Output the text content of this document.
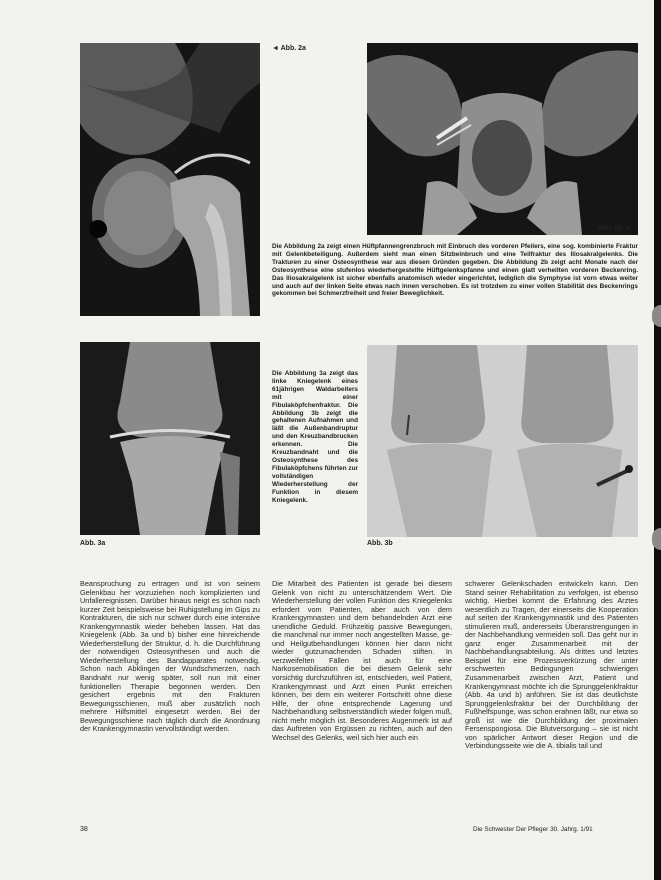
◄ Abb. 2a
Abb. 2b ►
Die Abbildung 2a zeigt einen Hüftpfannengrenzbruch mit Einbruch des vorderen Pfeilers, eine sog. kombinierte Fraktur mit Gelenkbeteiligung. Außerdem sieht man einen Sitzbeinbruch und eine Teilfraktur des Iliosakralgelenks. Die Trakturen zu einer Osteosynthese war aus diesen Gründen gegeben. Die Abbildung 2b zeigt acht Monate nach der Osteosynthese eine stufenlos wiederhergestellte Hüftgelenkspfanne und einen glatt verheilten vorderen Beckenring. Das Iliosakralgelenk ist sicher ebenfalls anatomisch wieder eingerichtet, lediglich die Symphyse ist vorn etwas weiter und auch auf der linken Seite etwas nach innen verschoben. Es ist trotzdem zu einer vollen Stabilität des Beckenrings gekommen bei Schmerzfreiheit und freier Beweglichkeit.
Abb. 3a
Die Abbildung 3a zeigt das linke Kniegelenk eines 61jährigen Waldarbeiters mit einer Fibulaköpfchenfraktur. Die Abbildung 3b zeigt die gehaltenen Aufnahmen und läßt die Außenbandruptur und den Kreuzbandbrucken erkennen. Die Kreuzbandnaht und die Osteosynthese des Fibulaköpfchens führten zur vollständigen Wiederherstellung der Funktion in diesem Kniegelenk.
Abb. 3b

Beanspruchung zu ertragen und ist von seinem Gelenkbau her vorzuziehen noch komplizierten und Unfallereignissen. Darüber hinaus neigt es schon nach kurzer Zeit beispielsweise bei Ruhigstellung im Gips zu Kontrakturen, die sich nur schwer durch eine intensive Krankengymnastik wieder beheben lassen. Hat das Kniegelenk (Abb. 3a und b) bisher eine hinreichende Wiederherstellung der Struktur, d. h. die Durchführung der notwendigen Osteosynthesen und auch die Wiederherstellung des Bandapparates notwendig. Schon nach Abklingen der Wundschmerzen, nach Bandnaht nur wenig später, soll nun mit einer funktionellen Therapie begonnen werden. Den gesichert ergebnis mit den Frakturen Bewegungsschienen, muß aber zusätzlich noch mehrere Hilfsmittel eingesetzt werden. Bei der Bewegungsschiene nach täglich durch die Anordnung der Krankengymnastin vervollständigt werden.

Die Mitarbeit des Patienten ist gerade bei diesem Gelenk von nicht zu unterschätzendem Wert. Die Wiederherstellung der vollen Funktion des Kniegelenks erfordert vom Patienten, aber auch von dem Krankengymnasten und dem behandelnden Arzt eine unendliche Geduld. Frühzeitig passive Bewegungen, die manchmal nur immer noch angestellten Masse, ge- und Heilgutbehandlungen können hier dann nicht wieder gutzumachenden Schaden stiften. In verzweifelten Fällen ist auch für eine Narkosemobilisation die bei diesem Gelenk sehr vorsichtig durchzuführen ist, entschieden, weil Patient, Krankengymnast und Arzt einen Punkt erreichen können, bei dem ein weiterer Fortschritt ohne diese Hilfe, der ohne entsprechende Lagerung und Nachbehandlung selbstverständlich wieder folgen muß, nicht mehr möglich ist. Besonderes Augenmerk ist auf das Auftreten von Ergüssen zu richten, auch auf den Wechsel des Gelenks, weil sich hier auch ein

schwerer Gelenkschaden entwickeln kann. Den Stand seiner Rehabilitation zu verfolgen, ist ebenso wichtig. Hierbei kommt die Erfahrung des Arztes wesentlich zu Tragen, der einerseits die Kooperation auf seiten der Krankengymnastik und des Patienten stimulieren muß, andererseits Überanstrengungen in der Nachbehandlung vermeiden soll. Das geht nur in ganz enger Zusammenarbeit mit der Nachbehandlungsabteilung. Als drittes und letztes Beispiel für eine Prozessverkürzung der unter erschwerten Bedingungen schwierigen Zusammenarbeit zwischen Arzt, Patient und Krankengymnast möchte ich die Sprunggelenkfraktur (Abb. 4a und b) anführen. Sie ist das deutlichste Sprunggelenksfraktur bei der Durchbildung der Fußhelfspunge, was schon erahnen läßt, nur etwa so groß ist wie die Durchbildung der proximalen Fersenspongiosa. Die Blutversorgung – sie ist nicht von spärlicher Antwort dieser Region und die Verbindungsseite wie die A. tibialis tail und

38	Die Schwester Der Pfleger 30. Jahrg. 1/91
